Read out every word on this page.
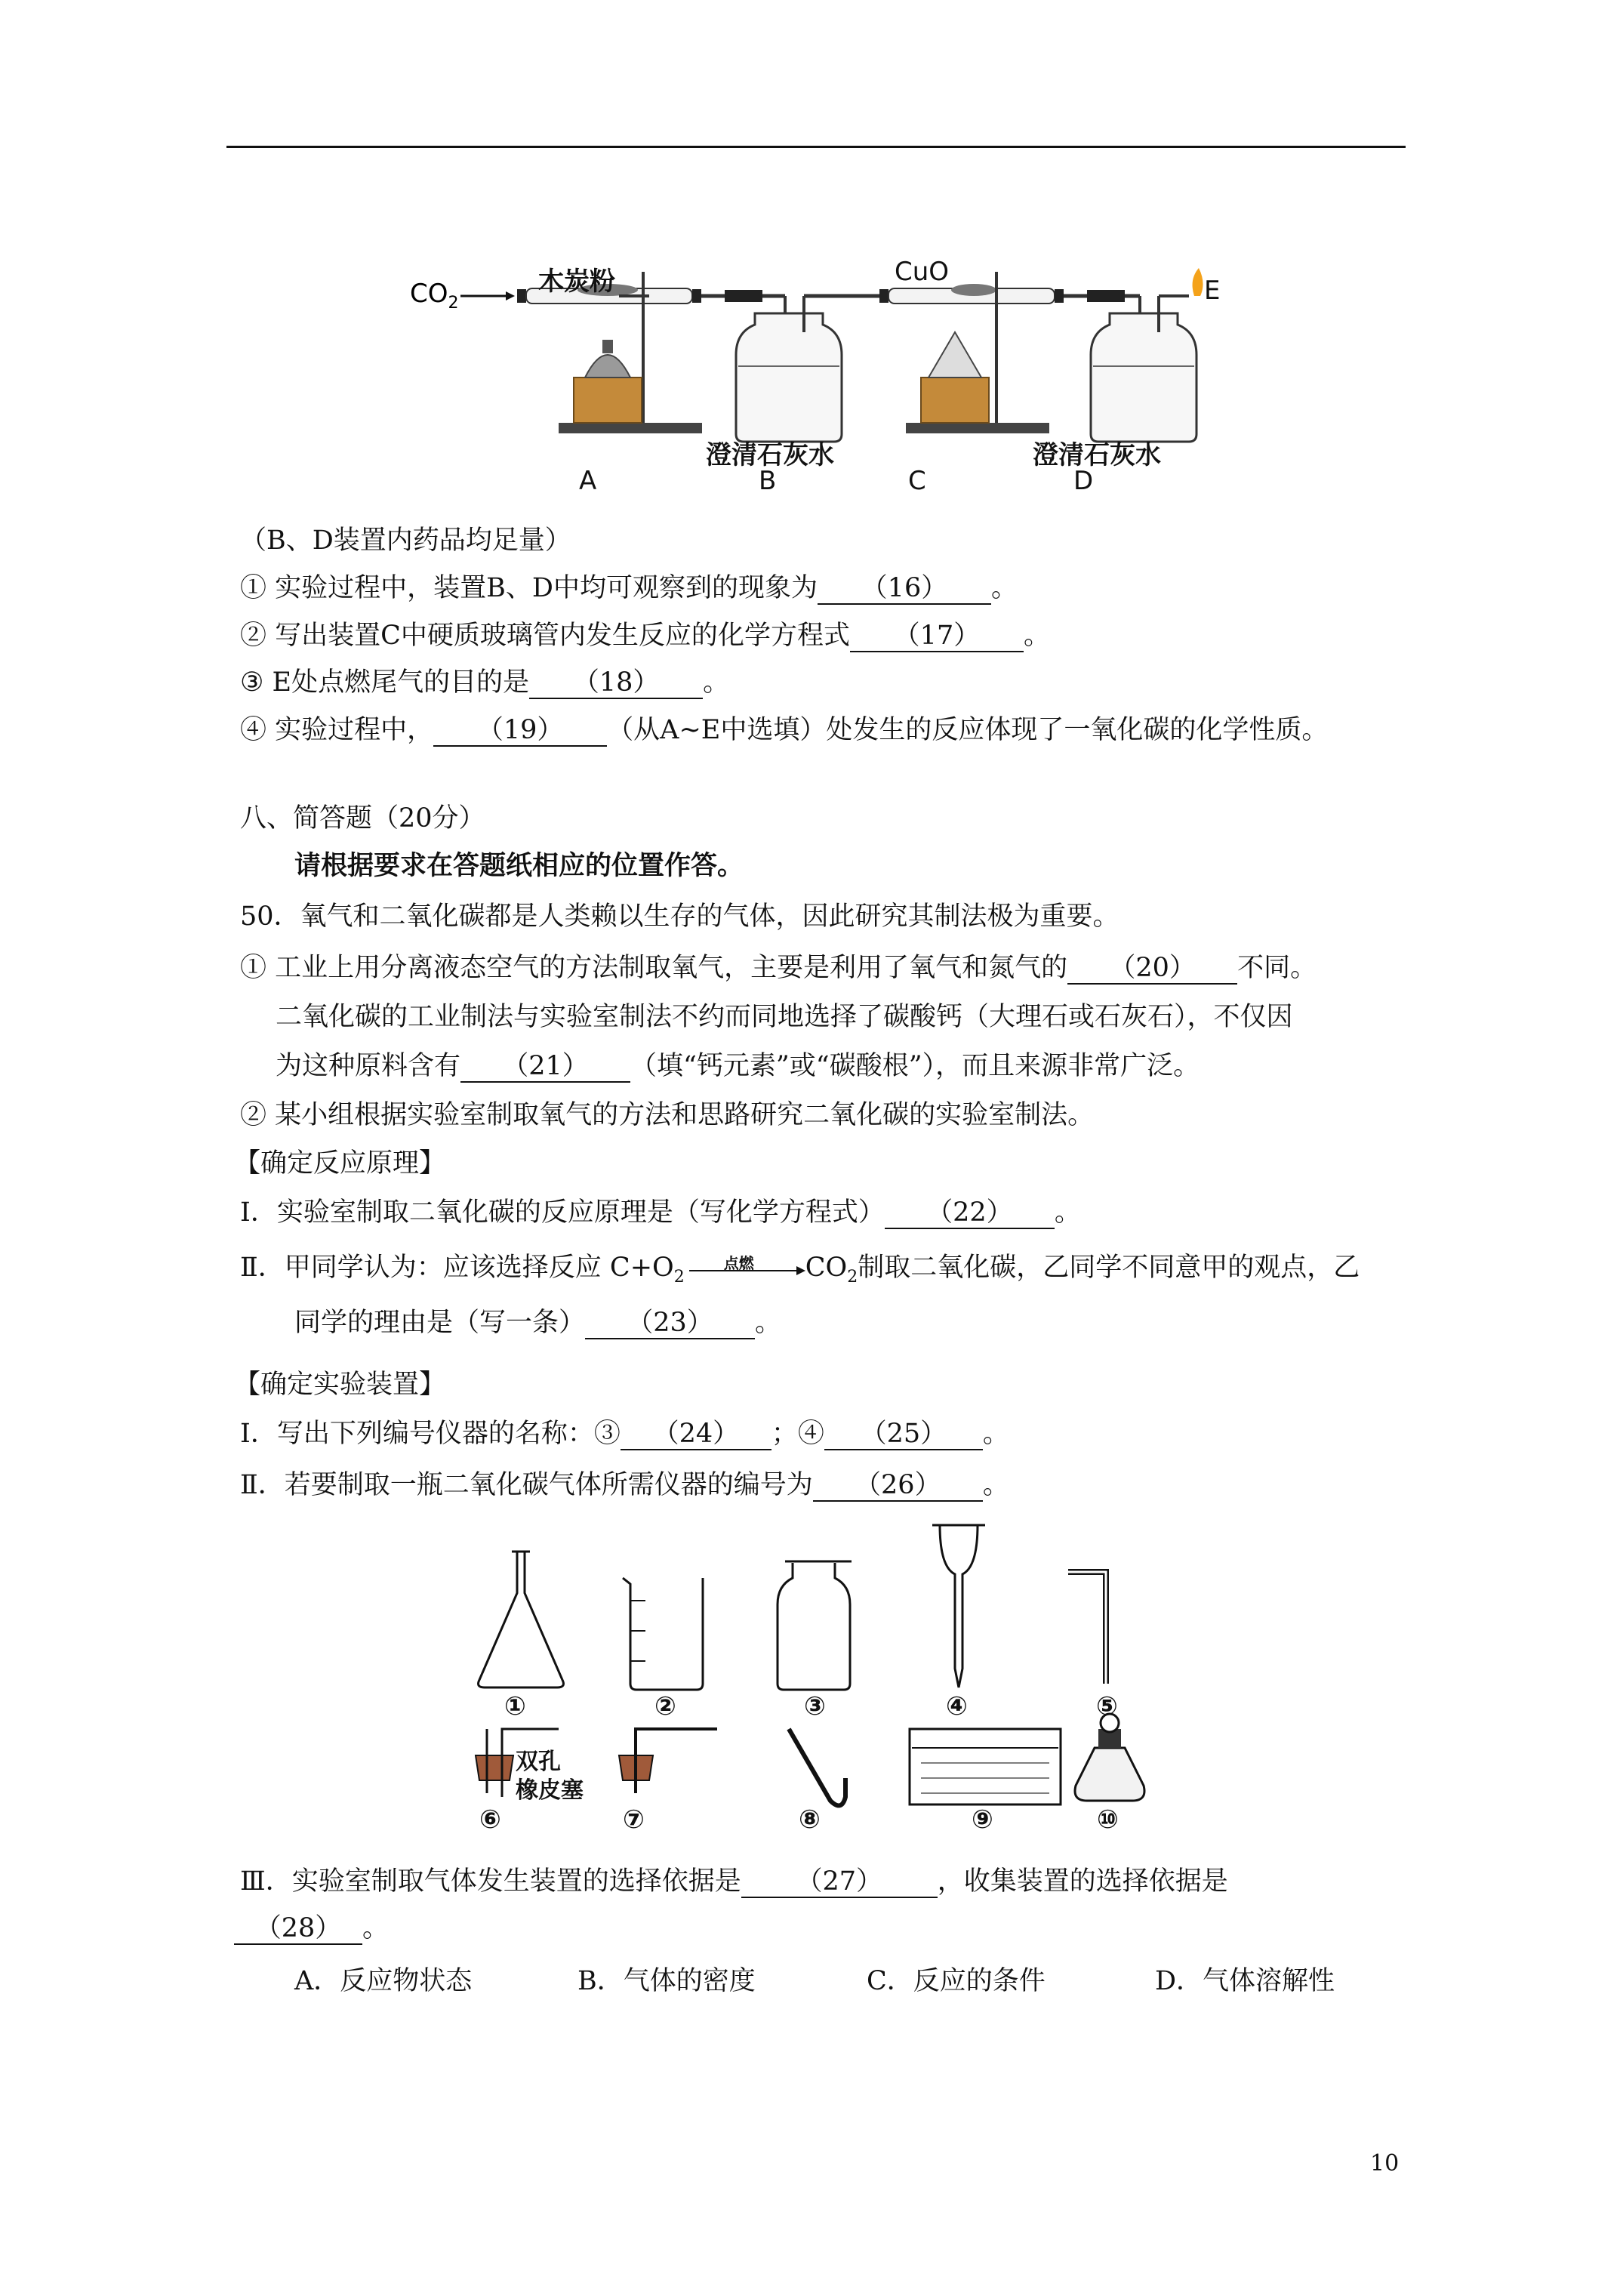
$CO_2$
木炭粉	CuO
E
澄清石灰水	澄清石灰水
A	B	C	D
（B、D装置内药品均足量）
① 实验过程中，装置B、D中均可观察到的现象为 （16） 。
② 写出装置C中硬质玻璃管内发生反应的化学方程式 （17） 。
③ E处点燃尾气的目的是 （18） 。
④ 实验过程中， （19） （从A~E中选填）处发生的反应体现了一氧化碳的化学性质。
八、简答题（20分）
请根据要求在答题纸相应的位置作答。
50．氧气和二氧化碳都是人类赖以生存的气体，因此研究其制法极为重要。
① 工业上用分离液态空气的方法制取氧气，主要是利用了氧气和氮气的 （20） 不同。
二氧化碳的工业制法与实验室制法不约而同地选择了碳酸钙（大理石或石灰石），不仅因
为这种原料含有 （21） （填“钙元素”或“碳酸根”），而且来源非常广泛。
② 某小组根据实验室制取氧气的方法和思路研究二氧化碳的实验室制法。
【确定反应原理】
Ⅰ．实验室制取二氧化碳的反应原理是（写化学方程式） （22） 。
Ⅱ．甲同学认为：应该选择反应 $C+O_2$
点燃 $CO_2$制取二氧化碳，乙同学不同意甲的观点，乙
同学的理由是（写一条） （23） 。
【确定实验装置】
Ⅰ．写出下列编号仪器的名称：③ （24） ；④ （25） 。
Ⅱ．若要制取一瓶二氧化碳气体所需仪器的编号为 （26） 。
①	②	③	④	⑤
双孔
橡皮塞
⑥	⑦	⑧	⑨	⑩
Ⅲ．实验室制取气体发生装置的选择依据是 （27） ，收集装置的选择依据是
（28） 。
A．反应物状态	B．气体的密度	C．反应的条件	D．气体溶解性
10
